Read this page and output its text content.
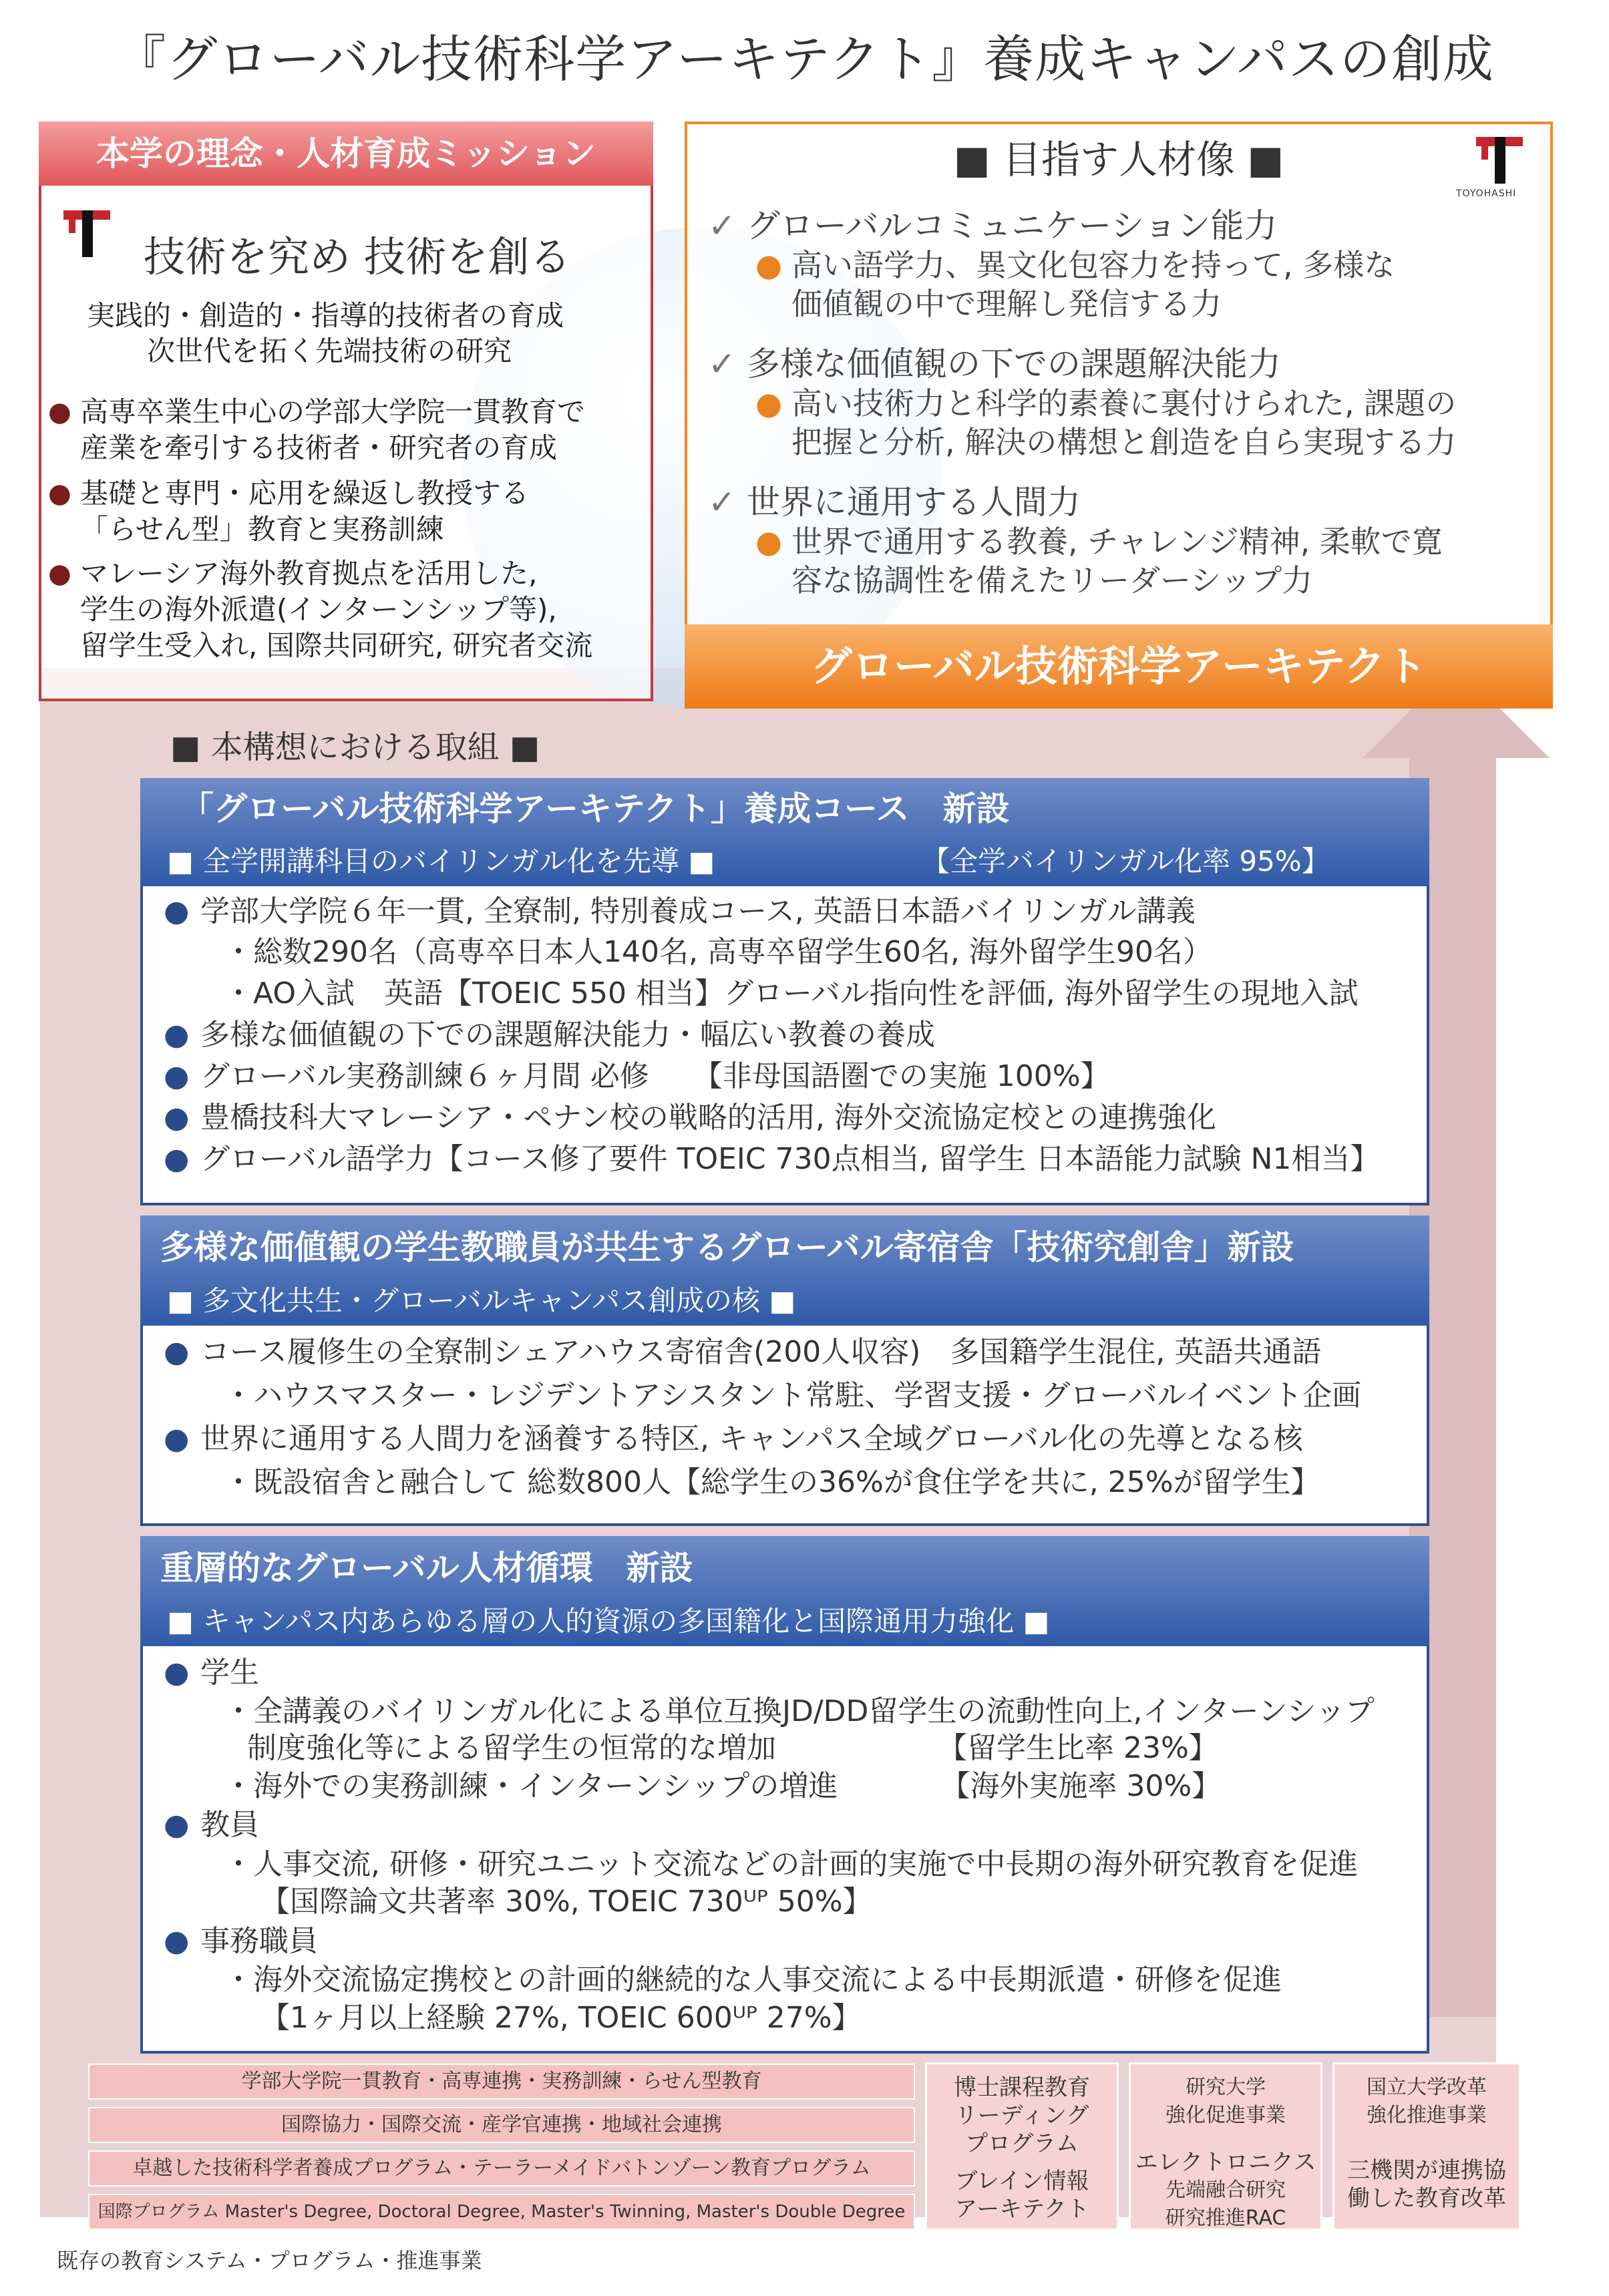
『グローバル技術科学アーキテクト』養成キャンパスの創成
本学の理念・人材育成ミッション
技術を究め 技術を創る
実践的・創造的・指導的技術者の育成
次世代を拓く先端技術の研究
● 高専卒業生中心の学部大学院一貫教育で
産業を牽引する技術者・研究者の育成
● 基礎と専門・応用を繰返し教授する
「らせん型」教育と実務訓練
● マレーシア海外教育拠点を活用した,
学生の海外派遣(インターンシップ等),
留学生受入れ, 国際共同研究, 研究者交流
■ 目指す人材像 ■
TOYOHASHI
✓ グローバルコミュニケーション能力
● 高い語学力、異文化包容力を持って, 多様な
価値観の中で理解し発信する力
✓ 多様な価値観の下での課題解決能力
● 高い技術力と科学的素養に裏付けられた, 課題の
把握と分析, 解決の構想と創造を自ら実現する力
✓ 世界に通用する人間力
● 世界で通用する教養, チャレンジ精神, 柔軟で寛
容な協調性を備えたリーダーシップ力
グローバル技術科学アーキテクト
■ 本構想における取組 ■
「グローバル技術科学アーキテクト」養成コース　新設
■ 全学開講科目のバイリンガル化を先導 ■	【全学バイリンガル化率 95%】
● 学部大学院６年一貫, 全寮制, 特別養成コース, 英語日本語バイリンガル講義
・総数290名（高専卒日本人140名, 高専卒留学生60名, 海外留学生90名）
・AO入試　英語【TOEIC 550 相当】グローバル指向性を評価, 海外留学生の現地入試
● 多様な価値観の下での課題解決能力・幅広い教養の養成
● グローバル実務訓練６ヶ月間 必修　　【非母国語圏での実施 100%】
● 豊橋技科大マレーシア・ペナン校の戦略的活用, 海外交流協定校との連携強化
● グローバル語学力【コース修了要件 TOEIC 730点相当, 留学生 日本語能力試験 N1相当】
多様な価値観の学生教職員が共生するグローバル寄宿舎「技術究創舎」新設
■ 多文化共生・グローバルキャンパス創成の核 ■
● コース履修生の全寮制シェアハウス寄宿舎(200人収容)　多国籍学生混住, 英語共通語
・ハウスマスター・レジデントアシスタント常駐、学習支援・グローバルイベント企画
● 世界に通用する人間力を涵養する特区, キャンパス全域グローバル化の先導となる核
・既設宿舎と融合して 総数800人【総学生の36%が食住学を共に, 25%が留学生】
重層的なグローバル人材循環　新設
■ キャンパス内あらゆる層の人的資源の多国籍化と国際通用力強化 ■
● 学生
・全講義のバイリンガル化による単位互換JD/DD留学生の流動性向上,インターンシップ
制度強化等による留学生の恒常的な増加　　　　　　【留学生比率 23%】
・海外での実務訓練・インターンシップの増進　　　　【海外実施率 30%】
● 教員
・人事交流, 研修・研究ユニット交流などの計画的実施で中長期の海外研究教育を促進
【国際論文共著率 30%, TOEIC 730ᵁᴾ 50%】
● 事務職員
・海外交流協定携校との計画的継続的な人事交流による中長期派遣・研修を促進
【1ヶ月以上経験 27%, TOEIC 600ᵁᴾ 27%】
学部大学院一貫教育・高専連携・実務訓練・らせん型教育
国際協力・国際交流・産学官連携・地域社会連携
卓越した技術科学者養成プログラム・テーラーメイドバトンゾーン教育プログラム
国際プログラム Master's Degree, Doctoral Degree, Master's Twinning, Master's Double Degree
博士課程教育
リーディング
プログラム
ブレイン情報
アーキテクト
研究大学
強化促進事業
エレクトロニクス
先端融合研究
研究推進RAC
国立大学改革
強化推進事業
三機関が連携協
働した教育改革
既存の教育システム・プログラム・推進事業
